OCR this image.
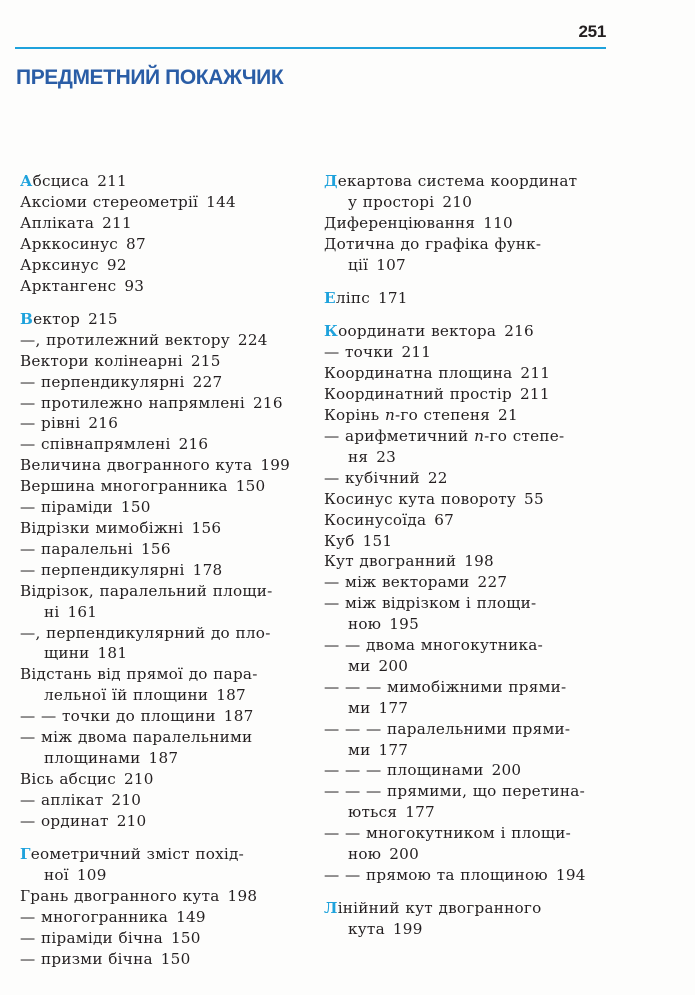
251
ПРЕДМЕТНИЙ ПОКАЖЧИК
Абсциса 211
Аксіоми стереометрії 144
Апліката 211
Арккосинус 87
Арксинус 92
Арктангенс 93
Вектор 215
—, протилежний вектору 224
Вектори колінеарні 215
— перпендикулярні 227
— протилежно напрямлені 216
— рівні 216
— співнапрямлені 216
Величина двогранного кута 199
Вершина многогранника 150
— піраміди 150
Відрізки мимобіжні 156
— паралельні 156
— перпендикулярні 178
Відрізок, паралельний площи-
ні 161
—, перпендикулярний до пло-
щини 181
Відстань від прямої до пара-
лельної їй площини 187
— — точки до площини 187
— між двома паралельними
площинами 187
Вісь абсцис 210
— аплікат 210
— ординат 210
Геометричний зміст похід-
ної 109
Грань двогранного кута 198
— многогранника 149
— піраміди бічна 150
— призми бічна 150
Декартова система координат
у просторі 210
Диференціювання 110
Дотична до графіка функ-
ції 107
Еліпс 171
Координати вектора 216
— точки 211
Координатна площина 211
Координатний простір 211
Корінь n-го степеня 21
— арифметичний n-го степе-
ня 23
— кубічний 22
Косинус кута повороту 55
Косинусоїда 67
Куб 151
Кут двогранний 198
— між векторами 227
— між відрізком і площи-
ною 195
— — двома многокутника-
ми 200
— — — мимобіжними прями-
ми 177
— — — паралельними прями-
ми 177
— — — площинами 200
— — — прямими, що перетина-
ються 177
— — многокутником і площи-
ною 200
— — прямою та площиною 194
Лінійний кут двогранного
кута 199
